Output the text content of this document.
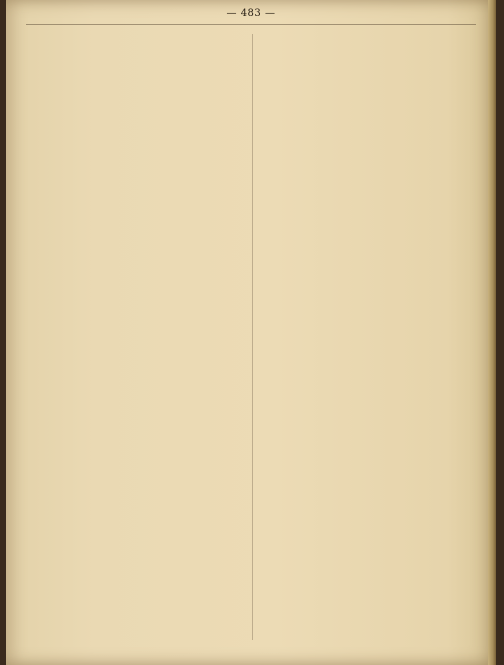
— 483 —
